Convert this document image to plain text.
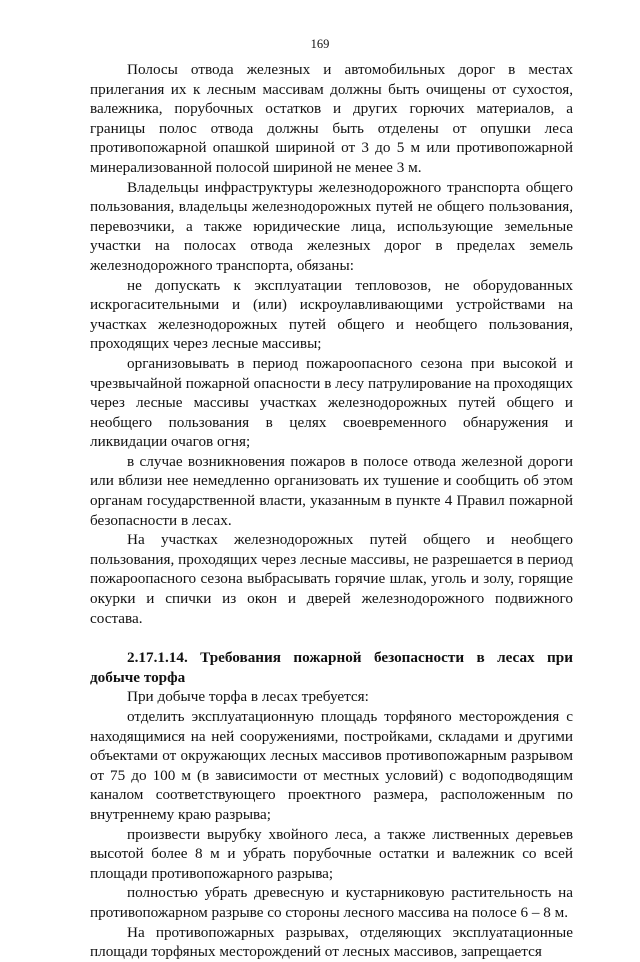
169

Полосы отвода железных и автомобильных дорог в местах прилегания их к лесным массивам должны быть очищены от сухостоя, валежника, порубочных остатков и других горючих материалов, а границы полос отвода должны быть отделены от опушки леса противопожарной опашкой шириной от 3 до 5 м или противопожарной минерализованной полосой шириной не менее 3 м.

Владельцы инфраструктуры железнодорожного транспорта общего пользования, владельцы железнодорожных путей не общего пользования, перевозчики, а также юридические лица, использующие земельные участки на полосах отвода железных дорог в пределах земель железнодорожного транспорта, обязаны:

не допускать к эксплуатации тепловозов, не оборудованных искрогасительными и (или) искроулавливающими устройствами на участках железнодорожных путей общего и необщего пользования, проходящих через лесные массивы;

организовывать в период пожароопасного сезона при высокой и чрезвычайной пожарной опасности в лесу патрулирование на проходящих через лесные массивы участках железнодорожных путей общего и необщего пользования в целях своевременного обнаружения и ликвидации очагов огня;

в случае возникновения пожаров в полосе отвода железной дороги или вблизи нее немедленно организовать их тушение и сообщить об этом органам государственной власти, указанным в пункте 4 Правил пожарной безопасности в лесах.

На участках железнодорожных путей общего и необщего пользования, проходящих через лесные массивы, не разрешается в период пожароопасного сезона выбрасывать горячие шлак, уголь и золу, горящие окурки и спички из окон и дверей железнодорожного подвижного состава.

2.17.1.14. Требования пожарной безопасности в лесах при добыче торфа

При добыче торфа в лесах требуется:

отделить эксплуатационную площадь торфяного месторождения с находящимися на ней сооружениями, постройками, складами и другими объектами от окружающих лесных массивов противопожарным разрывом от 75 до 100 м (в зависимости от местных условий) с водоподводящим каналом соответствующего проектного размера, расположенным по внутреннему краю разрыва;

произвести вырубку хвойного леса, а также лиственных деревьев высотой более 8 м и убрать порубочные остатки и валежник со всей площади противопожарного разрыва;

полностью убрать древесную и кустарниковую растительность на противопожарном разрыве со стороны лесного массива на полосе 6 – 8 м.

На противопожарных разрывах, отделяющих эксплуатационные площади торфяных месторождений от лесных массивов, запрещается
